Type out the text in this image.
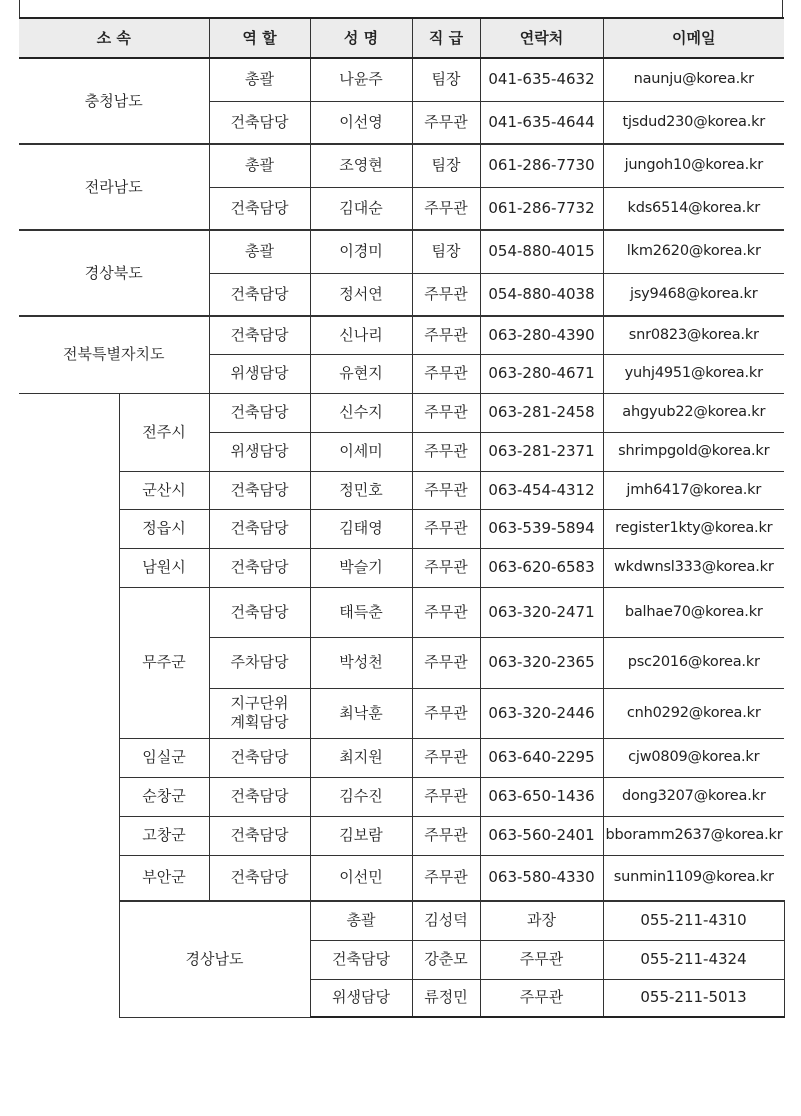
소 속		역 할	성 명	직 급	연락처	이메일	
충청남도		총괄	나윤주	팀장	041-635-4632	naunju@korea.kr	
		건축담당	이선영	주무관	041-635-4644	tjsdud230@korea.kr	
전라남도		총괄	조영현	팀장	061-286-7730	jungoh10@korea.kr	
		건축담당	김대순	주무관	061-286-7732	kds6514@korea.kr	
경상북도		총괄	이경미	팀장	054-880-4015	lkm2620@korea.kr	
		건축담당	정서연	주무관	054-880-4038	jsy9468@korea.kr	
전북특별자치도		건축담당	신나리	주무관	063-280-4390	snr0823@korea.kr	
		위생담당	유현지	주무관	063-280-4671	yuhj4951@korea.kr	
	전주시	건축담당	신수지	주무관	063-281-2458	ahgyub22@korea.kr	
		위생담당	이세미	주무관	063-281-2371	shrimpgold@korea.kr	
	군산시	건축담당	정민호	주무관	063-454-4312	jmh6417@korea.kr	
	정읍시	건축담당	김태영	주무관	063-539-5894	register1kty@korea.kr	
	남원시	건축담당	박슬기	주무관	063-620-6583	wkdwnsl333@korea.kr	
	무주군	건축담당	태득춘	주무관	063-320-2471	balhae70@korea.kr	
		주차담당	박성천	주무관	063-320-2365	psc2016@korea.kr	
		지구단위
계획담당	최낙훈	주무관	063-320-2446	cnh0292@korea.kr	
	임실군	건축담당	최지원	주무관	063-640-2295	cjw0809@korea.kr	
	순창군	건축담당	김수진	주무관	063-650-1436	dong3207@korea.kr	
	고창군	건축담당	김보람	주무관	063-560-2401	bboramm2637@korea.kr	
	부안군	건축담당	이선민	주무관	063-580-4330	sunmin1109@korea.kr	
	경상남도		총괄	김성덕	과장	055-211-4310	
			건축담당	강춘모	주무관	055-211-4324	
			위생담당	류정민	주무관	055-211-5013	
